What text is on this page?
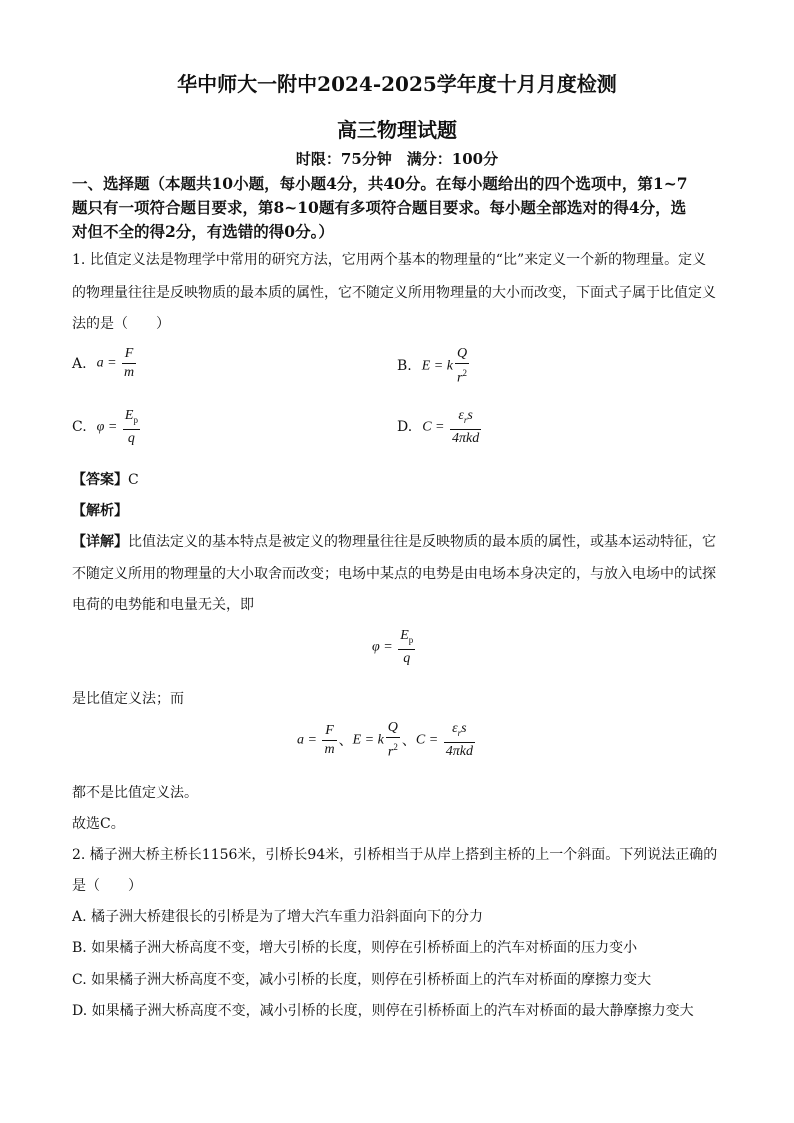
华中师大一附中2024-2025学年度十月月度检测
高三物理试题
时限：75分钟　满分：100分
一、选择题（本题共10小题，每小题4分，共40分。在每小题给出的四个选项中，第1~7
题只有一项符合题目要求，第8~10题有多项符合题目要求。每小题全部选对的得4分，选
对但不全的得2分，有选错的得0分。）
1. 比值定义法是物理学中常用的研究方法，它用两个基本的物理量的“比”来定义一个新的物理量。定义
的物理量往往是反映物质的最本质的属性，它不随定义所用物理量的大小而改变，下面式子属于比值定义
法的是（　　）
A. $a = \frac{F}{m}$	B. E = k $\frac{Q}{r^2}$
C. $\varphi = \frac{E_p}{q}$	D. $C = \frac{\varepsilon_rs}{\text{4πkd}}$
【答案】C
【解析】
【详解】比值法定义的基本特点是被定义的物理量往往是反映物质的最本质的属性，或基本运动特征，它
不随定义所用的物理量的大小取舍而改变；电场中某点的电势是由电场本身决定的，与放入电场中的试探
电荷的电势能和电量无关，即
$\varphi = \frac{E_p}{q}$
是比值定义法；而
$a = \frac{F}{m}$ 、 E = k $\frac{Q}{r^2}$ 、 $C = \frac{\varepsilon_rs}{\text{4πkd}}$
都不是比值定义法。
故选C。
2. 橘子洲大桥主桥长1156米，引桥长94米，引桥相当于从岸上搭到主桥的上一个斜面。下列说法正确的
是（　　）
A. 橘子洲大桥建很长的引桥是为了增大汽车重力沿斜面向下的分力
B. 如果橘子洲大桥高度不变，增大引桥的长度，则停在引桥桥面上的汽车对桥面的压力变小
C. 如果橘子洲大桥高度不变，减小引桥的长度，则停在引桥桥面上的汽车对桥面的摩擦力变大
D. 如果橘子洲大桥高度不变，减小引桥的长度，则停在引桥桥面上的汽车对桥面的最大静摩擦力变大
